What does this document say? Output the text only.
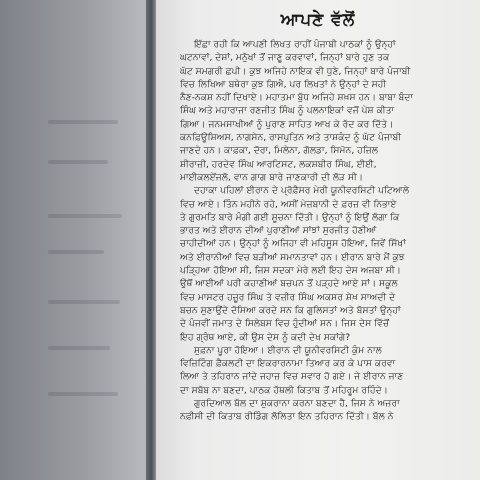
ਆਪਣੇ ਵੱਲੋਂ
ਇੱਛਾ ਰਹੀ ਕਿ ਆਪਣੀ ਲਿਖਤ ਰਾਹੀਂ ਪੰਜਾਬੀ ਪਾਠਕਾਂ ਨੂੰ ਉਨ੍ਹਾਂ
ਘਟਨਾਵਾਂ, ਦੇਸ਼ਾਂ, ਮਨੁੱਖਾਂ ਤੋਂ ਜਾਣੂ ਕਰਵਾਵਾਂ, ਜਿਨ੍ਹਾਂ ਬਾਰੇ ਹੁਣ ਤਕ
ਘੱਟ ਸਮਗਰੀ ਛਪੀ। ਕੁਝ ਅਜਿਹੇ ਨਾਇਕ ਵੀ ਧੁਣੇ, ਜਿਨ੍ਹਾਂ ਬਾਰੇ ਪੰਜਾਬੀ
ਵਿਚ ਲਿਖਿਆ ਬਥੇਰਾ ਕੁਝ ਗਿਐ, ਪਰ ਲਿਖਤਾਂ ਨੇ ਉਨ੍ਹਾਂ ਦੇ ਸਹੀ
ਨੈਣ-ਨਕਸ਼ ਨਹੀਂ ਦਿਖਾਏ। ਮਹਾਤਮਾ ਬੁੱਧ ਅਜਿਹੇ ਸ਼ਖ਼ਸ ਹਨ। ਬਾਬਾ ਬੰਦਾ
ਸਿੰਘ ਅਤੇ ਮਹਾਰਾਜਾ ਰਣਜੀਤ ਸਿੰਘ ਨੂੰ ਪਲਨਾਇਕਾਂ ਵਜੋਂ ਪੇਸ਼ ਕੀਤਾ
ਗਿਆ। ਜਨਮਸਾਖੀਆਂ ਨੂੰ ਪੁਰਾਣ ਸਾਹਿਤ ਆਖ ਕੇ ਰੱਦ ਕਰ ਦਿੱਤੇ।
ਕਨਫ਼ਿਊਸ਼ਿਅਸ, ਨਾਗਸੇਨ, ਰਾਸਪੁਤਿਨ ਅਤੇ ਤਾਸ਼ਕੰਦ ਨੂੰ ਘੱਟ ਪੰਜਾਬੀ
ਜਾਣਦੇ ਹਨ। ਕਾਫ਼ਕਾ, ਦੋਰਾ, ਮਿਲੇਨਾ, ਗੋਲਡਾ, ਸਿਮੋਨ, ਹਜ਼ਿਲ
ਸ਼ੀਰਾਜ਼ੀ, ਹਰਦੇਵ ਸਿੰਘ ਆਰਟਿਸਟ, ਲਕਸ਼ਬੀਰ ਸਿੰਘ, ਈਈ,
ਮਾਈਕਲਏਂਜਲੋ, ਵਾਨ ਗਾਗ ਬਾਰੇ ਜਾਣਕਾਰੀ ਦੀ ਲੋੜ ਸੀ।
ਦਹਾਕਾ ਪਹਿਲਾਂ ਈਰਾਨ ਦੇ ਪ੍ਰੋਫ਼ੈਸਰ ਮੇਰੀ ਯੂਨੀਵਰਸਿਟੀ ਪਟਿਆਲੇ
ਵਿਚ ਆਏ। ਤਿੰਨ ਮਹੀਨੇ ਰਹੇ, ਅਸੀਂ ਮੇਜ਼ਬਾਨੀ ਦੇ ਫ਼ਰਜ਼ ਵੀ ਨਿਭਾਏ
ਤੇ ਗੁਰਮਤਿ ਬਾਰੇ ਮੰਗੀ ਗਈ ਸੂਚਨਾ ਦਿੱਤੀ। ਉਨ੍ਹਾਂ ਨੂੰ ਇਉਂ ਲੱਗਾ ਕਿ
ਭਾਰਤ ਅਤੇ ਈਰਾਨ ਦੀਆਂ ਪੁਰਾਣੀਆਂ ਸਾਂਝਾਂ ਸੁਰਜੀਤ ਹੋਣੀਆਂ
ਚਾਹੀਦੀਆਂ ਹਨ। ਉਨ੍ਹਾਂ ਨੂੰ ਅਜਿਹਾ ਵੀ ਮਹਿਸੂਸ ਹੋਇਆ, ਜਿਵੇਂ ਸਿੱਖਾਂ
ਅਤੇ ਈਰਾਨੀਆਂ ਵਿਚ ਬੜੀਆਂ ਸਮਾਨਤਾਵਾਂ ਹਨ। ਈਰਾਨ ਬਾਰੇ ਮੈਂ ਕੁਝ
ਪੜ੍ਹਿਆ ਹੋਇਆ ਸੀ, ਜਿਸ ਸਦਕਾ ਮੇਰੇ ਲਈ ਇਹ ਦੇਸ ਅਜਬਾ ਸੀ।
ਉਥੋਂ ਆਈਆਂ ਪਰੀ ਕਹਾਣੀਆਂ ਬਚਪਨ ਤੋਂ ਪੜ੍ਹਦੇ ਆਏ ਸਾਂ। ਸਕੂਲ
ਵਿਚ ਮਾਸਟਰ ਹਜ਼ੂਰ ਸਿੰਘ ਤੇ ਵਜ਼ੀਰ ਸਿੰਘ ਅਕਸਰ ਸ਼ੇਖ਼ ਸਾਅਦੀ ਦੇ
ਬਚਨ ਸੁਣਾਉਂਦੇ ਦੱਸਿਆ ਕਰਦੇ ਸਨ ਕਿ ਗੁਲਿਸਤਾਂ ਅਤੇ ਬੋਸਤਾਂ ਉਨ੍ਹਾਂ
ਦੇ ਪੰਜਵੀਂ ਜਮਾਤ ਦੇ ਸਿਲੇਬਸ ਵਿਚ ਹੁੰਦੀਆਂ ਸਨ। ਜਿਸ ਦੇਸ ਵਿੱਚੋਂ
ਇਹ ਗ੍ਰੰਥ ਆਏ, ਕੀ ਉਸ ਦੇਸ ਨੂੰ ਕਦੀ ਦੇਖ ਸਕਾਂਗੇ?
ਸੁਫ਼ਨਾ ਪੂਰਾ ਹੋਇਆ। ਈਰਾਨ ਦੀ ਯੂਨੀਵਰਸਿਟੀ ਕੁੰਮ ਨਾਲ
ਵਿਜ਼ਿਟਿੰਗ ਫ਼ੈਕਲਟੀ ਦਾ ਇਕਰਾਰਨਾਮਾ ਤਿਆਰ ਕਰ ਕੇ ਪਾਸ ਕਰਵਾ
ਲਿਆ ਤੇ ਤਹਿਰਾਨ ਜਾਂਦੇ ਜਹਾਜ਼ ਵਿਚ ਸਵਾਰ ਹੋ ਗਏ। ਜੇ ਈਰਾਨ ਜਾਣ
ਦਾ ਸਬੱਬ ਨਾ ਬਣਦਾ, ਪਾਠਕ ਹੱਥਲੀ ਕਿਤਾਬ ਤੋਂ ਮਹਿਰੂਮ ਰਹਿੰਦੇ।
ਗੁਰਦਿਆਲ ਬੱਲ ਦਾ ਸ਼ੁਕਰਾਨਾ ਕਰਨਾ ਬਣਦਾ ਹੈ, ਜਿਸ ਨੇ ਅਜ਼ਰਾ
ਨਫ਼ੀਸੀ ਦੀ ਕਿਤਾਬ ਰੀਡਿੰਗ ਲੋਲਿਤਾ ਇਨ ਤਹਿਰਾਨ ਦਿੱਤੀ। ਬੱਲ ਨੇ
